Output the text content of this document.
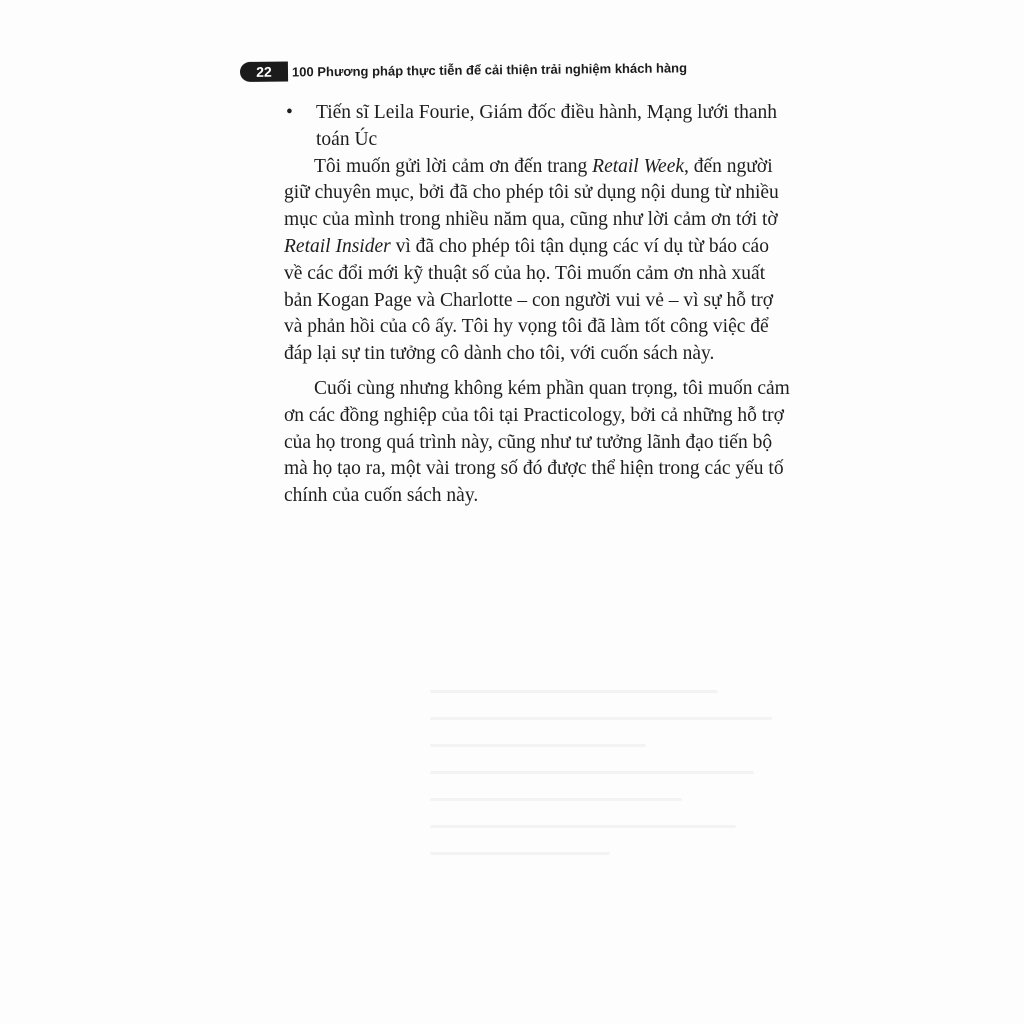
22	100 Phương pháp thực tiễn để cải thiện trải nghiệm khách hàng
•	Tiến sĩ Leila Fourie, Giám đốc điều hành, Mạng lưới thanh toán Úc

Tôi muốn gửi lời cảm ơn đến trang Retail Week, đến người giữ chuyên mục, bởi đã cho phép tôi sử dụng nội dung từ nhiều mục của mình trong nhiều năm qua, cũng như lời cảm ơn tới tờ Retail Insider vì đã cho phép tôi tận dụng các ví dụ từ báo cáo về các đổi mới kỹ thuật số của họ. Tôi muốn cảm ơn nhà xuất bản Kogan Page và Charlotte – con người vui vẻ – vì sự hỗ trợ và phản hồi của cô ấy. Tôi hy vọng tôi đã làm tốt công việc để đáp lại sự tin tưởng cô dành cho tôi, với cuốn sách này.

Cuối cùng nhưng không kém phần quan trọng, tôi muốn cảm ơn các đồng nghiệp của tôi tại Practicology, bởi cả những hỗ trợ của họ trong quá trình này, cũng như tư tưởng lãnh đạo tiến bộ mà họ tạo ra, một vài trong số đó được thể hiện trong các yếu tố chính của cuốn sách này.
